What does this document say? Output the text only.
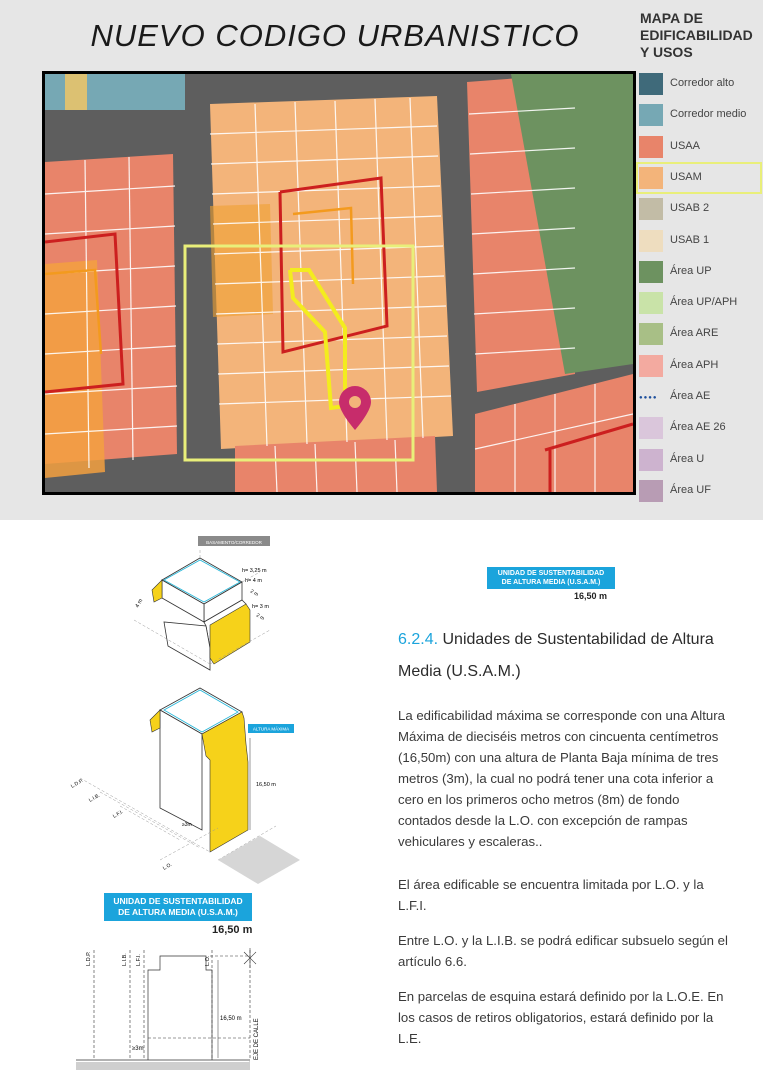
NUEVO CODIGO URBANISTICO	MAPA DE
EDIFICABILIDAD
Y USOS
Corredor alto
Corredor medio
USAA
USAM
USAB 2
USAB 1
Área UP
Área UP/APH
Área ARE
Área APH
●●●● Área AE
Área AE 26
Área U
Área UF
BASAMENTO/CORREDOR
h= 3,25 m
h= 4 m
2 m
h= 3 m
2 m
4 m
ALTURA MÁXIMA
16,50 m
≥3m
L.D.P.
L.I.B.
L.F.I.
L.O.
L.D.P.	L.I.B. L.F.I.	L.O.
16,50 m
≥3m	EJE DE CALLE
UNIDAD DE SUSTENTABILIDAD
DE ALTURA MEDIA (U.S.A.M.)
16,50 m
UNIDAD DE SUSTENTABILIDAD
DE ALTURA MEDIA (U.S.A.M.)
16,50 m
6.2.4. Unidades de Sustentabilidad de Altura Media (U.S.A.M.)
La edificabilidad máxima se corresponde con una Altura Máxima de dieciséis metros con cincuenta centímetros (16,50m) con una altura de Planta Baja mínima de tres metros (3m), la cual no podrá tener una cota inferior a cero en los primeros ocho metros (8m) de fondo contados desde la L.O. con excepción de rampas vehiculares y escaleras..
El área edificable se encuentra limitada por L.O. y la L.F.I.
Entre L.O. y la L.I.B. se podrá edificar subsuelo según el artículo 6.6.
En parcelas de esquina estará definido por la L.O.E. En los casos de retiros obligatorios, estará definido por la L.E.
